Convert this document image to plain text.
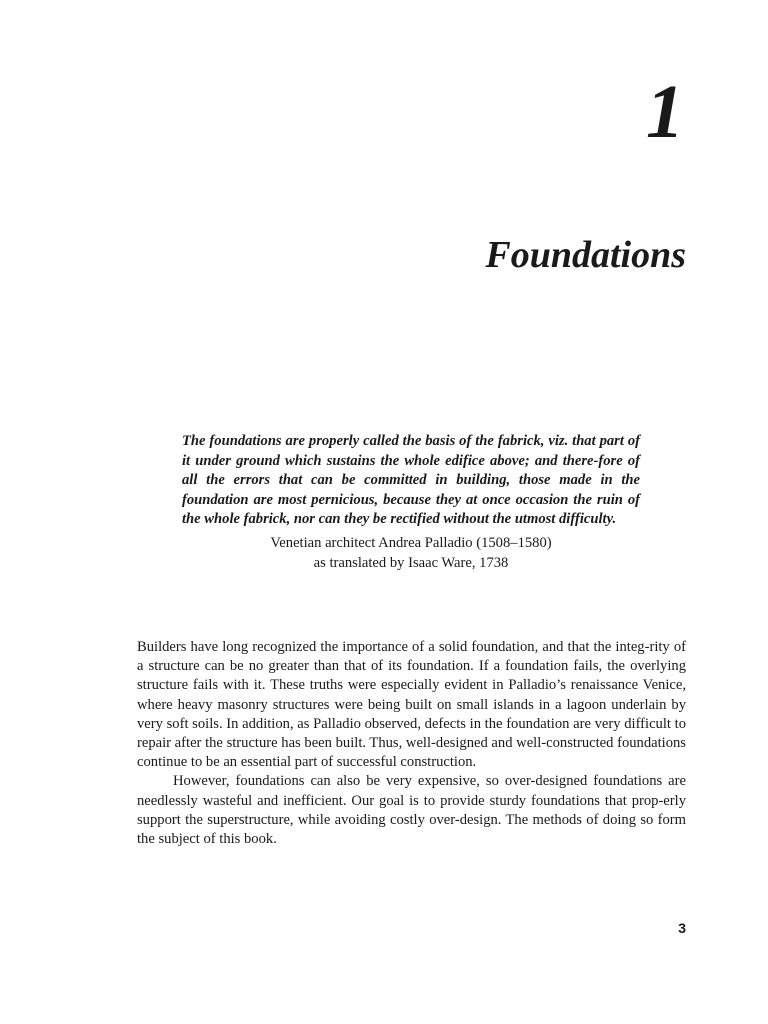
1
Foundations

The foundations are properly called the basis of the fabrick, viz. that part of it under ground which sustains the whole edifice above; and there-fore of all the errors that can be committed in building, those made in the foundation are most pernicious, because they at once occasion the ruin of the whole fabrick, nor can they be rectified without the utmost difficulty.

Venetian architect Andrea Palladio (1508–1580)
as translated by Isaac Ware, 1738

Builders have long recognized the importance of a solid foundation, and that the integ-rity of a structure can be no greater than that of its foundation. If a foundation fails, the overlying structure fails with it. These truths were especially evident in Palladio’s renaissance Venice, where heavy masonry structures were being built on small islands in a lagoon underlain by very soft soils. In addition, as Palladio observed, defects in the foundation are very difficult to repair after the structure has been built. Thus, well-designed and well-constructed foundations continue to be an essential part of successful construction.

However, foundations can also be very expensive, so over-designed foundations are needlessly wasteful and inefficient. Our goal is to provide sturdy foundations that prop-erly support the superstructure, while avoiding costly over-design. The methods of doing so form the subject of this book.

3
